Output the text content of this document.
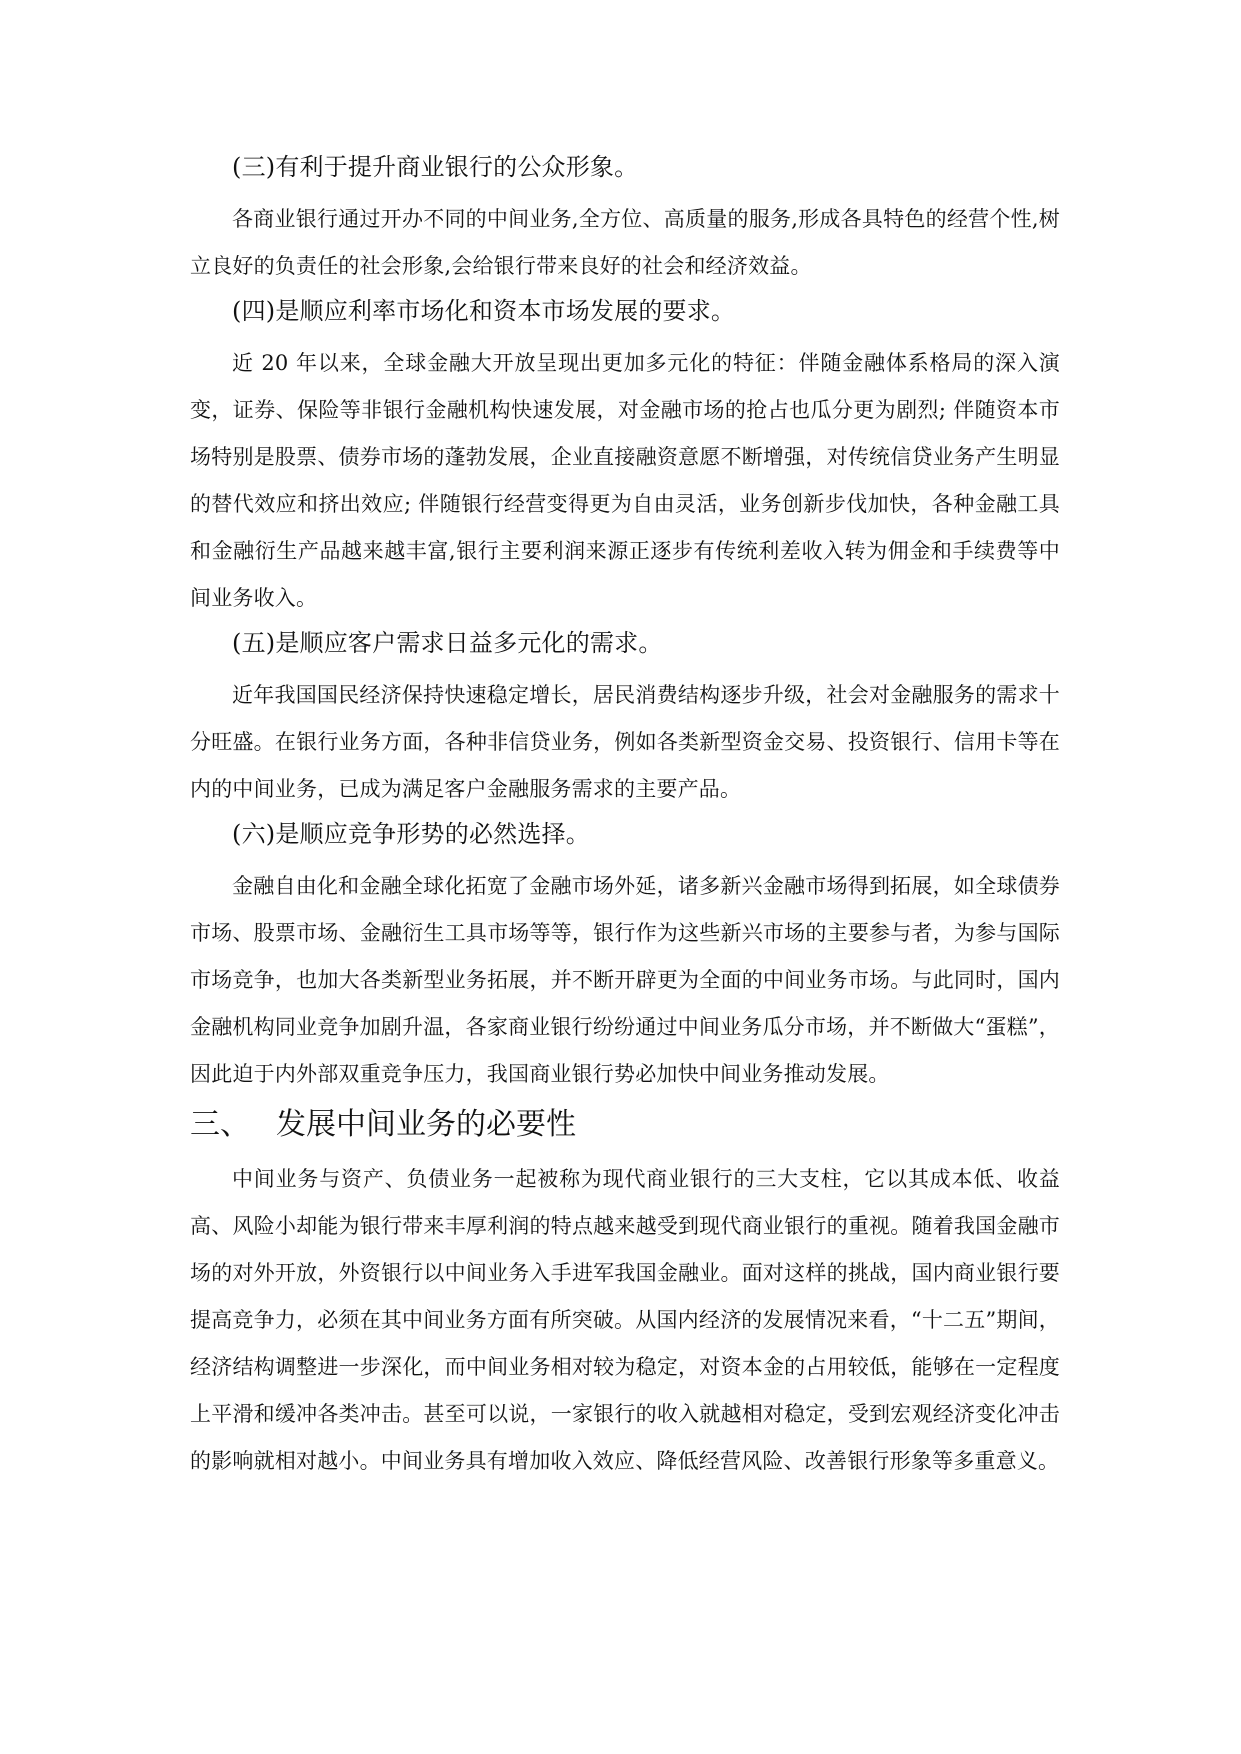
(三)有利于提升商业银行的公众形象。

各商业银行通过开办不同的中间业务,全方位、高质量的服务,形成各具特色的经营个性,树立良好的负责任的社会形象,会给银行带来良好的社会和经济效益。

(四)是顺应利率市场化和资本市场发展的要求。

近 20 年以来，全球金融大开放呈现出更加多元化的特征：伴随金融体系格局的深入演变，证券、保险等非银行金融机构快速发展，对金融市场的抢占也瓜分更为剧烈; 伴随资本市场特别是股票、债券市场的蓬勃发展，企业直接融资意愿不断增强，对传统信贷业务产生明显的替代效应和挤出效应; 伴随银行经营变得更为自由灵活，业务创新步伐加快，各种金融工具和金融衍生产品越来越丰富,银行主要利润来源正逐步有传统利差收入转为佣金和手续费等中间业务收入。

(五)是顺应客户需求日益多元化的需求。

近年我国国民经济保持快速稳定增长，居民消费结构逐步升级，社会对金融服务的需求十分旺盛。在银行业务方面，各种非信贷业务，例如各类新型资金交易、投资银行、信用卡等在内的中间业务，已成为满足客户金融服务需求的主要产品。

(六)是顺应竞争形势的必然选择。

金融自由化和金融全球化拓宽了金融市场外延，诸多新兴金融市场得到拓展，如全球债券市场、股票市场、金融衍生工具市场等等，银行作为这些新兴市场的主要参与者，为参与国际市场竞争，也加大各类新型业务拓展，并不断开辟更为全面的中间业务市场。与此同时，国内金融机构同业竞争加剧升温，各家商业银行纷纷通过中间业务瓜分市场，并不断做大“蛋糕”，因此迫于内外部双重竞争压力，我国商业银行势必加快中间业务推动发展。

三、 发展中间业务的必要性

中间业务与资产、负债业务一起被称为现代商业银行的三大支柱，它以其成本低、收益高、风险小却能为银行带来丰厚利润的特点越来越受到现代商业银行的重视。随着我国金融市场的对外开放，外资银行以中间业务入手进军我国金融业。面对这样的挑战，国内商业银行要提高竞争力，必须在其中间业务方面有所突破。从国内经济的发展情况来看，“十二五”期间，经济结构调整进一步深化，而中间业务相对较为稳定，对资本金的占用较低，能够在一定程度上平滑和缓冲各类冲击。甚至可以说，一家银行的收入就越相对稳定，受到宏观经济变化冲击的影响就相对越小。中间业务具有增加收入效应、降低经营风险、改善银行形象等多重意义。
